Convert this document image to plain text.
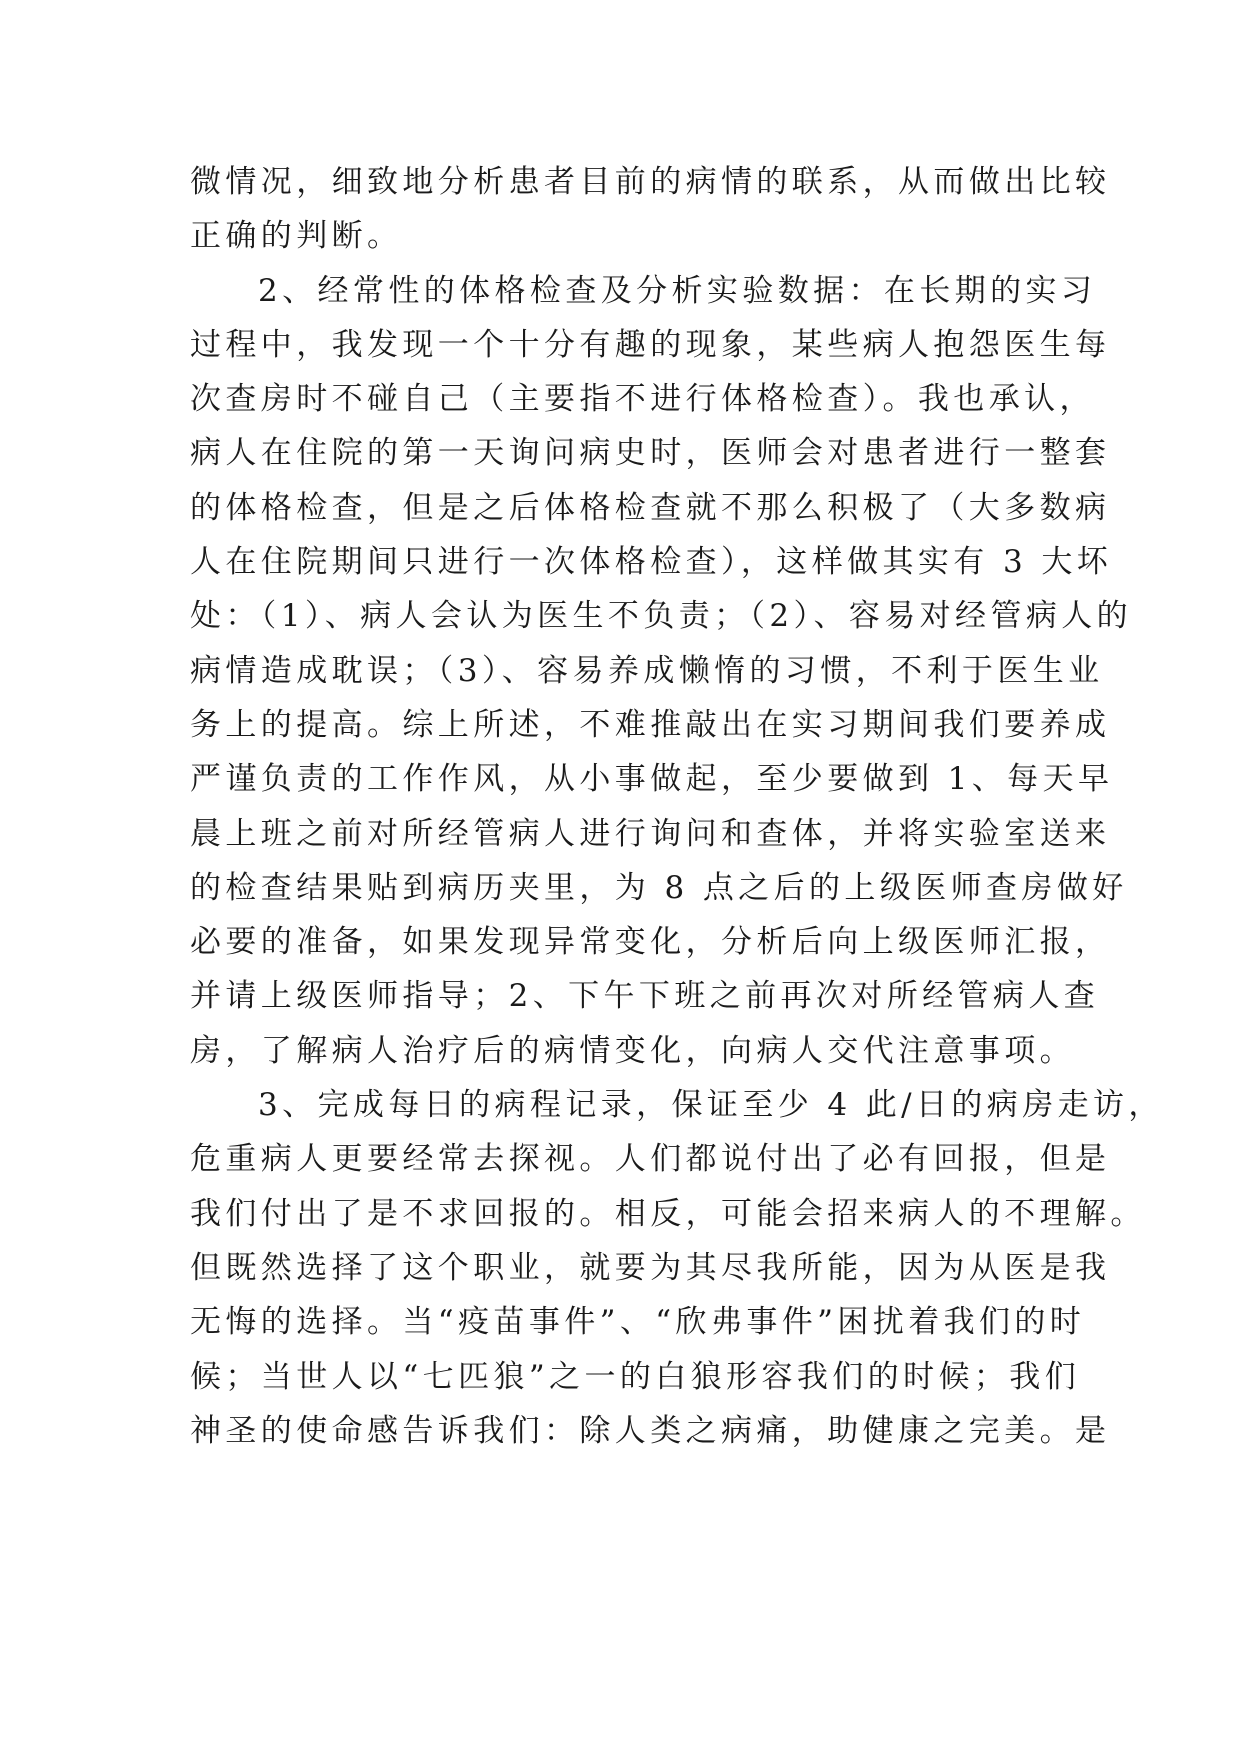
微情况，细致地分析患者目前的病情的联系，从而做出比较
正确的判断。
2、经常性的体格检查及分析实验数据：在长期的实习
过程中，我发现一个十分有趣的现象，某些病人抱怨医生每
次查房时不碰自己（主要指不进行体格检查）。我也承认，
病人在住院的第一天询问病史时，医师会对患者进行一整套
的体格检查，但是之后体格检查就不那么积极了（大多数病
人在住院期间只进行一次体格检查），这样做其实有 3 大坏
处：（1）、病人会认为医生不负责；（2）、容易对经管病人的
病情造成耽误；（3）、容易养成懒惰的习惯，不利于医生业
务上的提高。综上所述，不难推敲出在实习期间我们要养成
严谨负责的工作作风，从小事做起，至少要做到 1、每天早
晨上班之前对所经管病人进行询问和查体，并将实验室送来
的检查结果贴到病历夹里，为 8 点之后的上级医师查房做好
必要的准备，如果发现异常变化，分析后向上级医师汇报，
并请上级医师指导；2、下午下班之前再次对所经管病人查
房，了解病人治疗后的病情变化，向病人交代注意事项。
3、完成每日的病程记录，保证至少 4 此/日的病房走访，
危重病人更要经常去探视。人们都说付出了必有回报，但是
我们付出了是不求回报的。相反，可能会招来病人的不理解。
但既然选择了这个职业，就要为其尽我所能，因为从医是我
无悔的选择。当“疫苗事件”、“欣弗事件”困扰着我们的时
候；当世人以“七匹狼”之一的白狼形容我们的时候；我们
神圣的使命感告诉我们：除人类之病痛，助健康之完美。是
